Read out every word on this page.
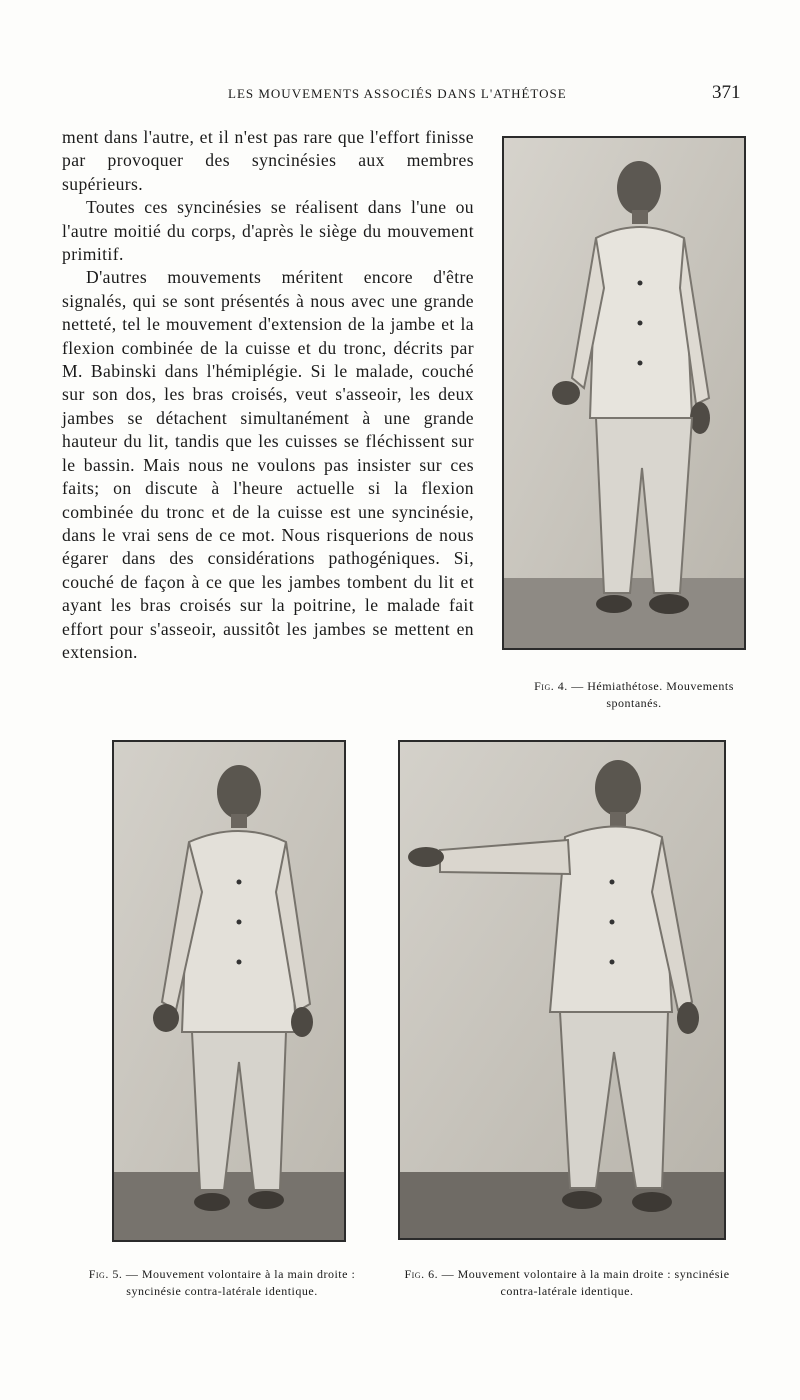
LES MOUVEMENTS ASSOCIÉS DANS L'ATHÉTOSE	371

ment dans l'autre, et il n'est pas rare que l'effort finisse par provoquer des syncinésies aux membres supérieurs.

Toutes ces syncinésies se réalisent dans l'une ou l'autre moitié du corps, d'après le siège du mouvement primitif.

D'autres mouvements méritent encore d'être signalés, qui se sont présentés à nous avec une grande netteté, tel le mouvement d'extension de la jambe et la flexion combinée de la cuisse et du tronc, décrits par M. Babinski dans l'hémiplégie. Si le malade, couché sur son dos, les bras croisés, veut s'asseoir, les deux jambes se détachent simultanément à une grande hauteur du lit, tandis que les cuisses se fléchissent sur le bassin. Mais nous ne voulons pas insister sur ces faits; on discute à l'heure actuelle si la flexion combinée du tronc et de la cuisse est une syncinésie, dans le vrai sens de ce mot. Nous risquerions de nous égarer dans des considérations pathogéniques. Si, couché de façon à ce que les jambes tombent du lit et ayant les bras croisés sur la poitrine, le malade fait effort pour s'asseoir, aussitôt les jambes se mettent en extension.

Fig. 4. — Hémiathétose. Mouvements spontanés.
Fig. 5. — Mouvement volontaire à la main droite : syncinésie contra-latérale identique.
Fig. 6. — Mouvement volontaire à la main droite : syncinésie contra-latérale identique.
